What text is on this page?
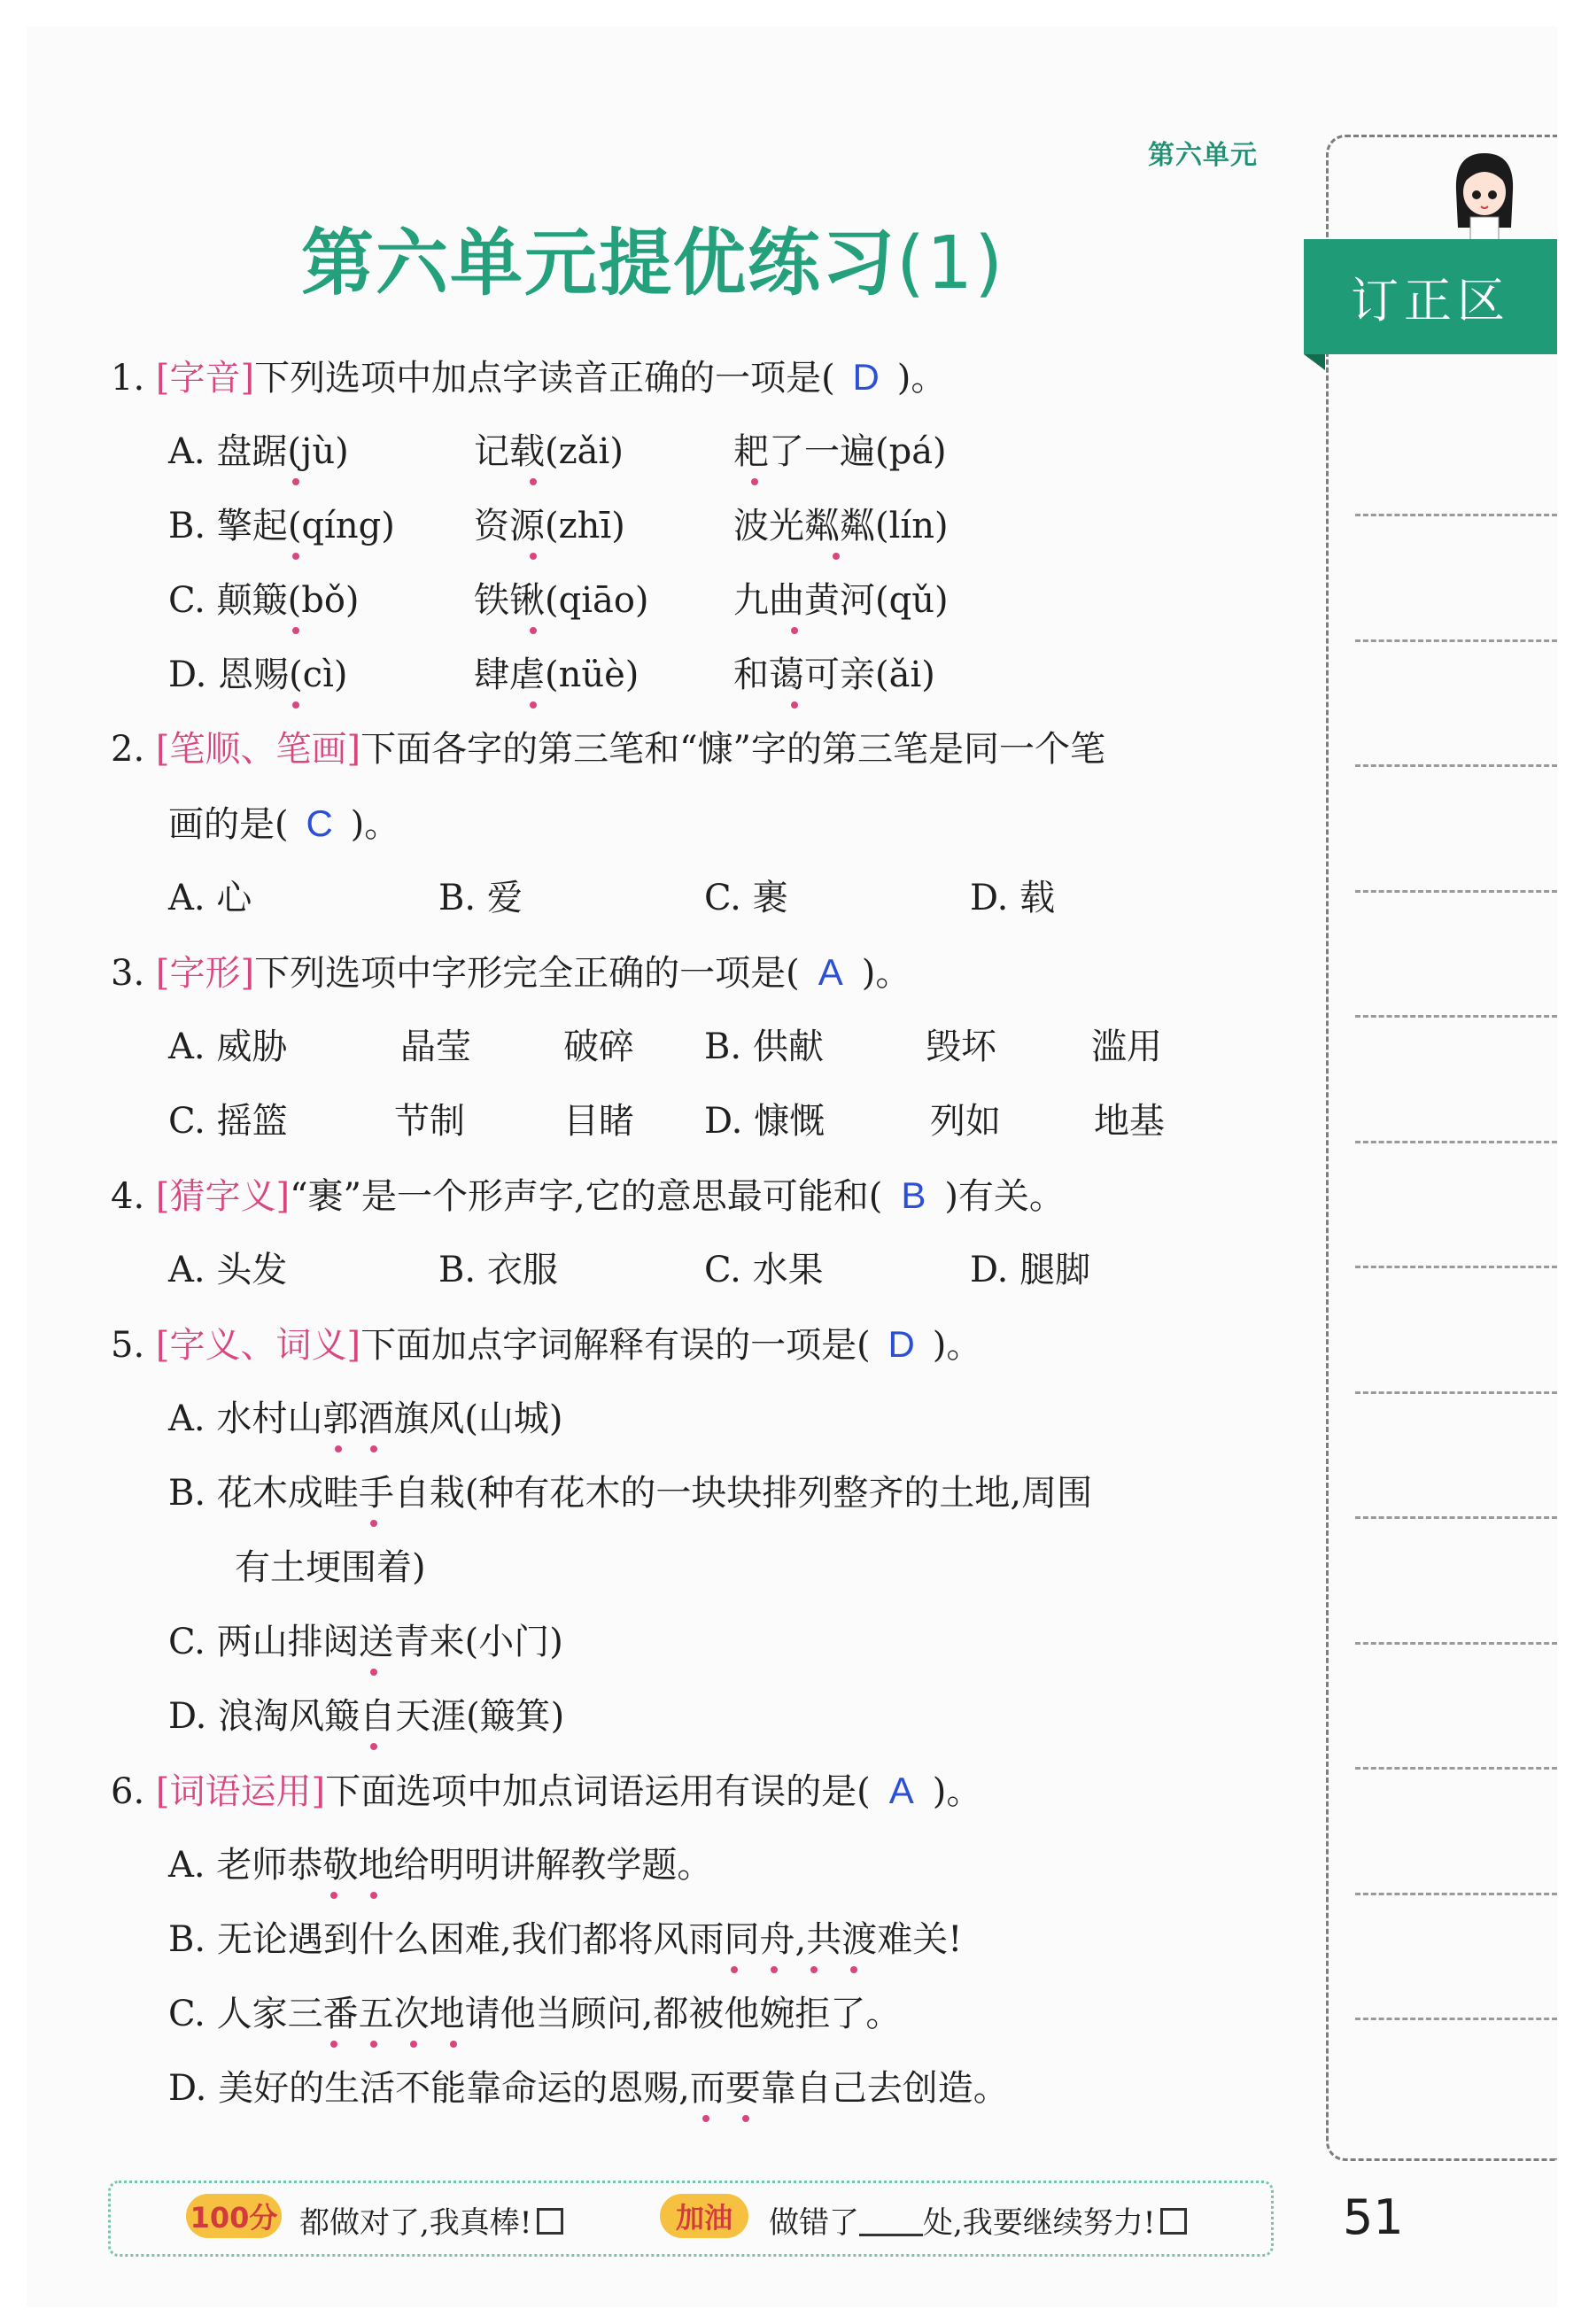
第六单元
第六单元提优练习(1)	订正区
1. [字音]下列选项中加点字读音正确的一项是( D )。
A. 盘踞(jù)	记载(zǎi)	耙了一遍(pá)
B. 擎起(qíng) 资源(zhī)	波光粼粼(lín)
C. 颠簸(bǒ)	铁锹(qiāo) 九曲黄河(qǔ)
D. 恩赐(cì)	肆虐(nüè)	和蔼可亲(ǎi)
2. [笔顺、笔画]下面各字的第三笔和“慷”字的第三笔是同一个笔
画的是( C )。
A. 心	B. 爱	C. 裹	D. 载
3. [字形]下列选项中字形完全正确的一项是( A )。
A. 威胁	晶莹	破碎 B. 供献	毁坏	滥用
C. 摇篮	节制	目睹 D. 慷慨	列如	地基
4. [猜字义]“裹”是一个形声字,它的意思最可能和( B )有关。
A. 头发	B. 衣服	C. 水果	D. 腿脚
5. [字义、词义]下面加点字词解释有误的一项是( D )。
A. 水村山郭酒旗风(山城)
B. 花木成畦手自栽(种有花木的一块块排列整齐的土地,周围
有土埂围着)
C. 两山排闼送青来(小门)
D. 浪淘风簸自天涯(簸箕)
6. [词语运用]下面选项中加点词语运用有误的是( A )。
A. 老师恭敬地给明明讲解教学题。
B. 无论遇到什么困难,我们都将风雨同舟,共渡难关!
C. 人家三番五次地请他当顾问,都被他婉拒了。
D. 美好的生活不能靠命运的恩赐,而要靠自己去创造。
100分 都做对了,我真棒!	加油	做错了 处,我要继续努力!	51
